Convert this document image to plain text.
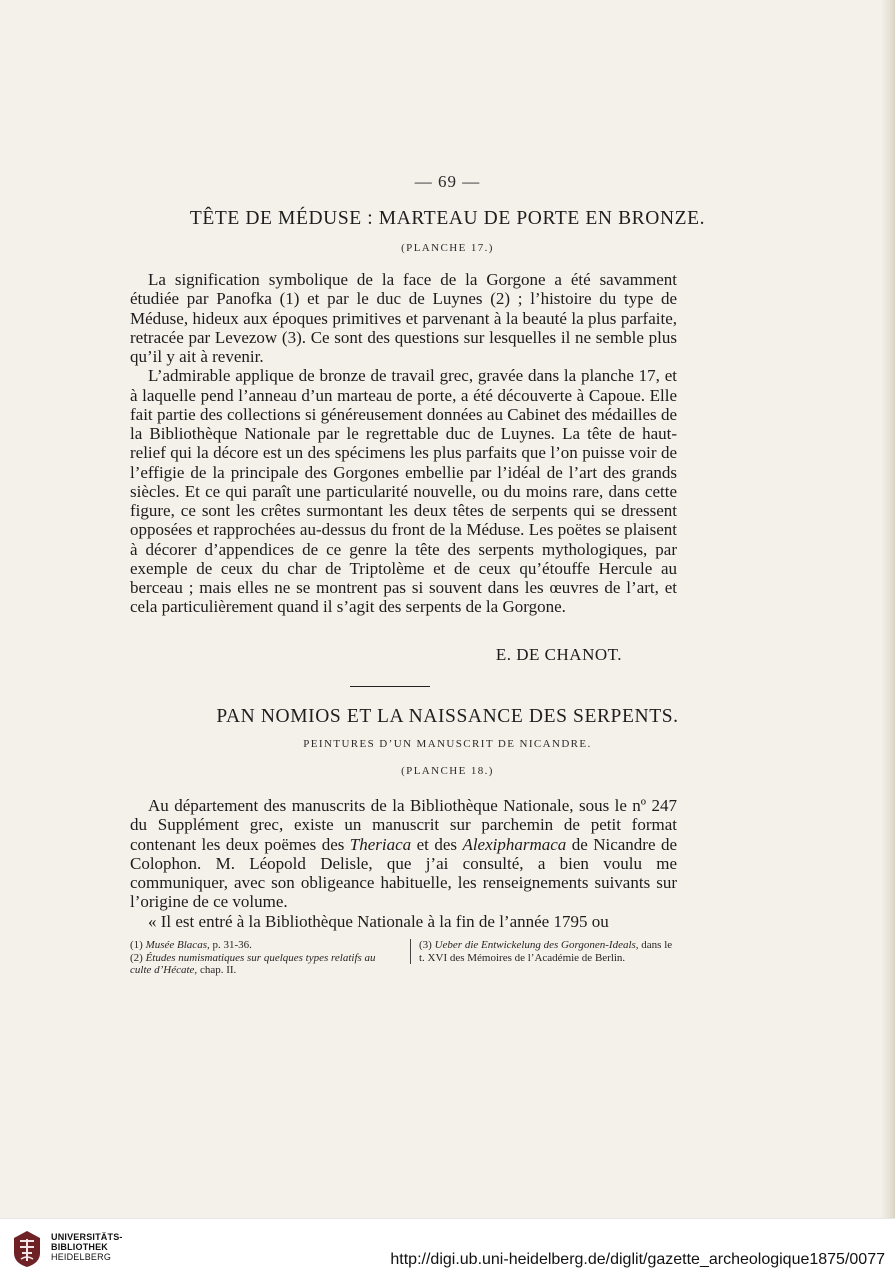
— 69 —
TÊTE DE MÉDUSE : MARTEAU DE PORTE EN BRONZE.
(PLANCHE 17.)

La signification symbolique de la face de la Gorgone a été savamment étudiée par Panofka (1) et par le duc de Luynes (2) ; l’histoire du type de Méduse, hideux aux époques primitives et parvenant à la beauté la plus parfaite, retracée par Levezow (3). Ce sont des questions sur lesquelles il ne semble plus qu’il y ait à revenir.

L’admirable applique de bronze de travail grec, gravée dans la planche 17, et à laquelle pend l’anneau d’un marteau de porte, a été découverte à Capoue. Elle fait partie des collections si généreusement données au Cabinet des médailles de la Bibliothèque Nationale par le regrettable duc de Luynes. La tête de haut-relief qui la décore est un des spécimens les plus parfaits que l’on puisse voir de l’effigie de la principale des Gorgones embellie par l’idéal de l’art des grands siècles. Et ce qui paraît une particularité nouvelle, ou du moins rare, dans cette figure, ce sont les crêtes surmontant les deux têtes de serpents qui se dressent opposées et rapprochées au-dessus du front de la Méduse. Les poëtes se plaisent à décorer d’appendices de ce genre la tête des serpents mythologiques, par exemple de ceux du char de Triptolème et de ceux qu’étouffe Hercule au berceau ; mais elles ne se montrent pas si souvent dans les œuvres de l’art, et cela particulièrement quand il s’agit des serpents de la Gorgone.

E. DE CHANOT.
PAN NOMIOS ET LA NAISSANCE DES SERPENTS.
PEINTURES D’UN MANUSCRIT DE NICANDRE.
(PLANCHE 18.)

Au département des manuscrits de la Bibliothèque Nationale, sous le nº 247 du Supplément grec, existe un manuscrit sur parchemin de petit format contenant les deux poëmes des Theriaca et des Alexipharmaca de Nicandre de Colophon. M. Léopold Delisle, que j’ai consulté, a bien voulu me communiquer, avec son obligeance habituelle, les renseignements suivants sur l’origine de ce volume.

« Il est entré à la Bibliothèque Nationale à la fin de l’année 1795 ou

(1) Musée Blacas, p. 31-36.
(2) Études numismatiques sur quelques types relatifs au culte d’Hécate, chap. II.
(3) Ueber die Entwickelung des Gorgonen-Ideals, dans le t. XVI des Mémoires de l’Académie de Berlin.
UNIVERSITÄTS-
BIBLIOTHEK
HEIDELBERG	http://digi.ub.uni-heidelberg.de/diglit/gazette_archeologique1875/0077
